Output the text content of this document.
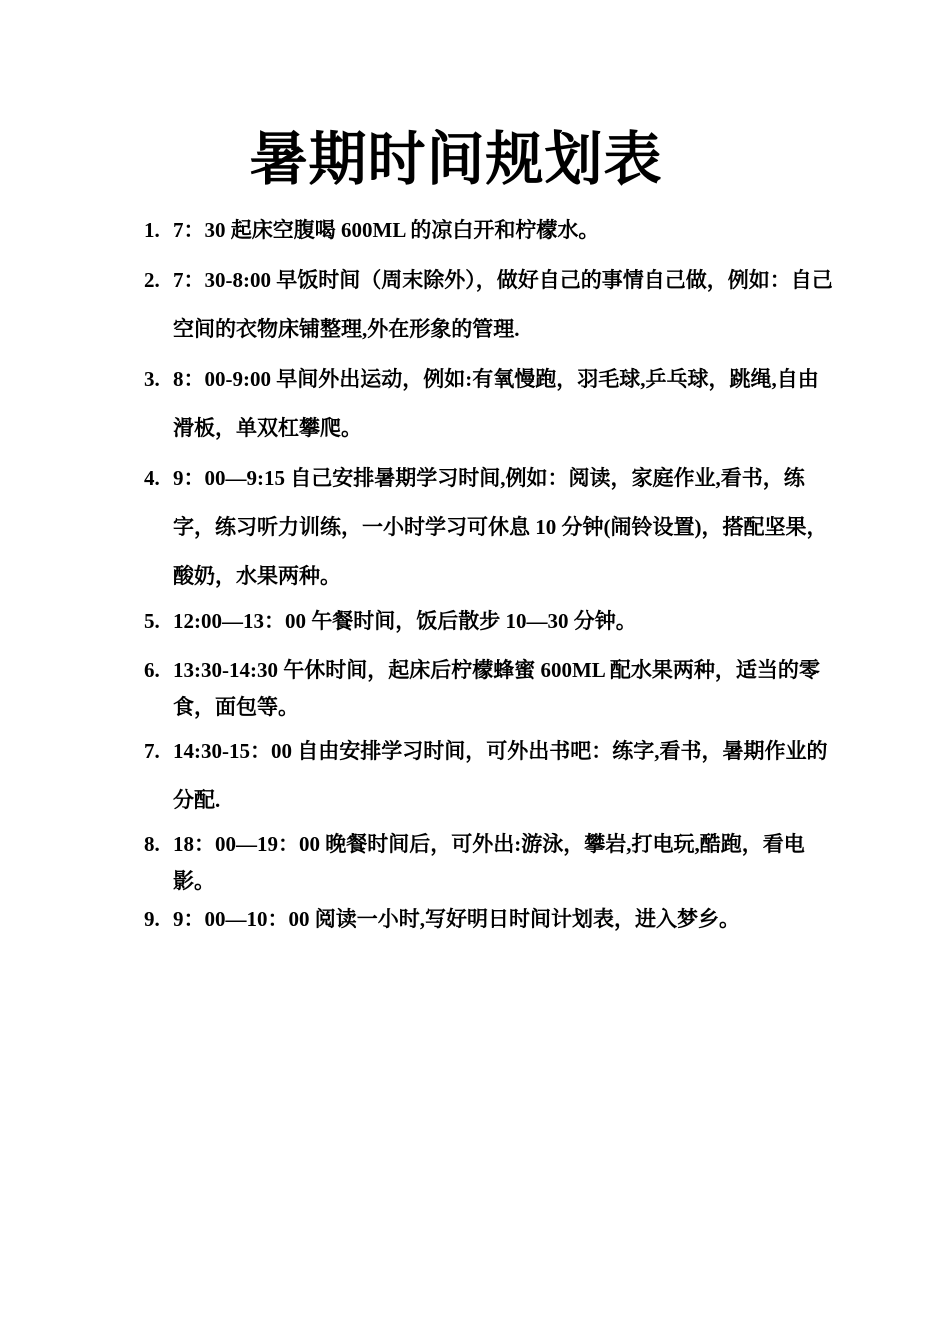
暑期时间规划表
1. 7：30 起床空腹喝 600ML 的凉白开和柠檬水。
2. 7：30-8:00 早饭时间（周末除外），做好自己的事情自己做，例如：自己空间的衣物床铺整理,外在形象的管理.
3. 8：00-9:00 早间外出运动，例如:有氧慢跑，羽毛球,乒乓球，跳绳,自由滑板，单双杠攀爬。
4. 9：00—9:15 自己安排暑期学习时间,例如：阅读，家庭作业,看书，练字，练习听力训练，一小时学习可休息 10 分钟(闹铃设置)，搭配坚果，酸奶，水果两种。
5. 12:00—13：00 午餐时间，饭后散步 10—30 分钟。
6. 13:30-14:30 午休时间，起床后柠檬蜂蜜 600ML 配水果两种，适当的零食，面包等。
7. 14:30-15：00 自由安排学习时间，可外出书吧：练字,看书，暑期作业的分配.
8. 18：00—19：00 晚餐时间后，可外出:游泳，攀岩,打电玩,酷跑，看电影。
9. 9：00—10：00 阅读一小时,写好明日时间计划表，进入梦乡。
